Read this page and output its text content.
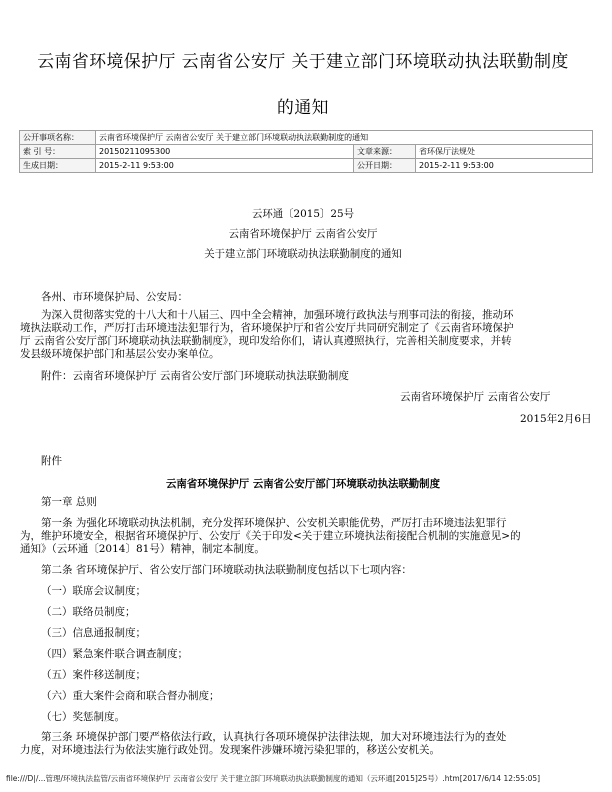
云南省环境保护厅 云南省公安厅 关于建立部门环境联动执法联勤制度
的通知
公开事项名称：	云南省环境保护厅 云南省公安厅 关于建立部门环境联动执法联勤制度的通知		
索 引 号：	20150211095300	文章来源：	省环保厅法规处
生成日期：	2015-2-11 9:53:00	公开日期：	2015-2-11 9:53:00
云环通〔2015〕25号
云南省环境保护厅 云南省公安厅
关于建立部门环境联动执法联勤制度的通知
各州、市环境保护局、公安局：
为深入贯彻落实党的十八大和十八届三、四中全会精神，加强环境行政执法与刑事司法的衔接，推动环
境执法联动工作，严厉打击环境违法犯罪行为，省环境保护厅和省公安厅共同研究制定了《云南省环境保护
厅 云南省公安厅部门环境联动执法联勤制度》，现印发给你们，请认真遵照执行，完善相关制度要求，并转
发县级环境保护部门和基层公安办案单位。
附件：云南省环境保护厅 云南省公安厅部门环境联动执法联勤制度
云南省环境保护厅 云南省公安厅
2015年2月6日
附件
云南省环境保护厅 云南省公安厅部门环境联动执法联勤制度
第一章 总则
第一条 为强化环境联动执法机制，充分发挥环境保护、公安机关职能优势，严厉打击环境违法犯罪行
为，维护环境安全，根据省环境保护厅、公安厅《关于印发<关于建立环境执法衔接配合机制的实施意见>的
通知》（云环通〔2014〕81号）精神，制定本制度。
第二条 省环境保护厅、省公安厅部门环境联动执法联勤制度包括以下七项内容：
（一）联席会议制度；
（二）联络员制度；
（三）信息通报制度；
（四）紧急案件联合调查制度；
（五）案件移送制度；
（六）重大案件会商和联合督办制度；
（七）奖惩制度。
第三条 环境保护部门要严格依法行政，认真执行各项环境保护法律法规，加大对环境违法行为的查处
力度，对环境违法行为依法实施行政处罚。发现案件涉嫌环境污染犯罪的，移送公安机关。
file:///D|/...管理/环境执法监管/云南省环境保护厅 云南省公安厅 关于建立部门环境联动执法联勤制度的通知（云环通[2015]25号）.htm[2017/6/14 12:55:05]
